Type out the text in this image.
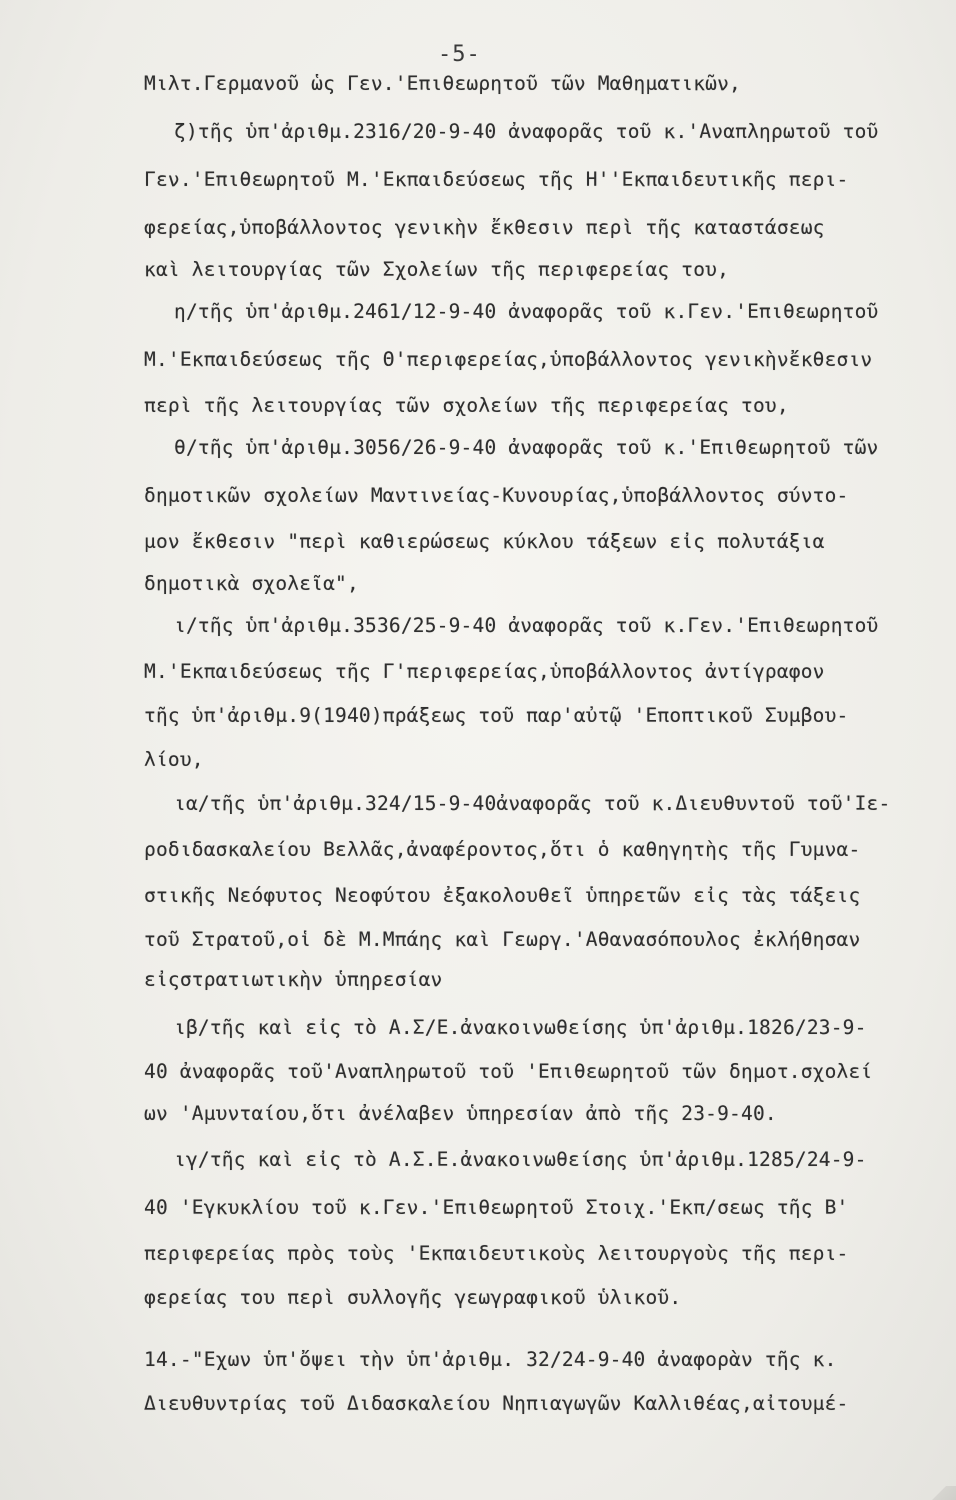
-5-
Μιλτ.Γερμανοῦ ὡς Γεν.'Επιθεωρητοῦ τῶν Μαθηματικῶν,
ζ)τῆς ὑπ'ἀριθμ.2316/20-9-40 ἀναφορᾶς τοῦ κ.'Αναπληρωτοῦ τοῦ
Γεν.'Επιθεωρητοῦ Μ.'Εκπαιδεύσεως τῆς Η''Εκπαιδευτικῆς περι-
φερείας,ὑποβάλλοντος γενικὴν ἔκθεσιν περὶ τῆς καταστάσεως
καὶ λειτουργίας τῶν Σχολείων τῆς περιφερείας του,
η/τῆς ὑπ'ἀριθμ.2461/12-9-40 ἀναφορᾶς τοῦ κ.Γεν.'Επιθεωρητοῦ
Μ.'Εκπαιδεύσεως τῆς Θ'περιφερείας,ὑποβάλλοντος γενικὴνἔκθεσιν
περὶ τῆς λειτουργίας τῶν σχολείων τῆς περιφερείας του,
θ/τῆς ὑπ'ἀριθμ.3056/26-9-40 ἀναφορᾶς τοῦ κ.'Επιθεωρητοῦ τῶν
δημοτικῶν σχολείων Μαντινείας-Κυνουρίας,ὑποβάλλοντος σύντο-
μον ἔκθεσιν "περὶ καθιερώσεως κύκλου τάξεων εἰς πολυτάξια
δημοτικὰ σχολεῖα",
ι/τῆς ὑπ'ἀριθμ.3536/25-9-40 ἀναφορᾶς τοῦ κ.Γεν.'Επιθεωρητοῦ
Μ.'Εκπαιδεύσεως τῆς Γ'περιφερείας,ὑποβάλλοντος ἀντίγραφον
τῆς ὑπ'ἀριθμ.9(1940)πράξεως τοῦ παρ'αὐτῷ 'Εποπτικοῦ Συμβου-
λίου,
ια/τῆς ὑπ'ἀριθμ.324/15-9-40ἀναφορᾶς τοῦ κ.Διευθυντοῦ τοῦ'Ιε-
ροδιδασκαλείου Βελλᾶς,ἀναφέροντος,ὅτι ὁ καθηγητὴς τῆς Γυμνα-
στικῆς Νεόφυτος Νεοφύτου ἐξακολουθεῖ ὑπηρετῶν εἰς τὰς τάξεις
τοῦ Στρατοῦ,οἱ δὲ Μ.Μπάης καὶ Γεωργ.'Αθανασόπουλος ἐκλήθησαν
εἰςστρατιωτικὴν ὑπηρεσίαν
ιβ/τῆς καὶ εἰς τὸ Α.Σ/Ε.ἀνακοινωθείσης ὑπ'ἀριθμ.1826/23-9-
40 ἀναφορᾶς τοῦ'Αναπληρωτοῦ τοῦ 'Επιθεωρητοῦ τῶν δημοτ.σχολεί
ων 'Αμυνταίου,ὅτι ἀνέλαβεν ὑπηρεσίαν ἀπὸ τῆς 23-9-40.
ιγ/τῆς καὶ εἰς τὸ Α.Σ.Ε.ἀνακοινωθείσης ὑπ'ἀριθμ.1285/24-9-
40 'Εγκυκλίου τοῦ κ.Γεν.'Επιθεωρητοῦ Στοιχ.'Εκπ/σεως τῆς Β'
περιφερείας πρὸς τοὺς 'Εκπαιδευτικοὺς λειτουργοὺς τῆς περι-
φερείας του περὶ συλλογῆς γεωγραφικοῦ ὑλικοῦ.
14.-"Εχων ὑπ'ὄψει τὴν ὑπ'ἀριθμ. 32/24-9-40 ἀναφορὰν τῆς κ.
Διευθυντρίας τοῦ Διδασκαλείου Νηπιαγωγῶν Καλλιθέας,αἰτουμέ-
